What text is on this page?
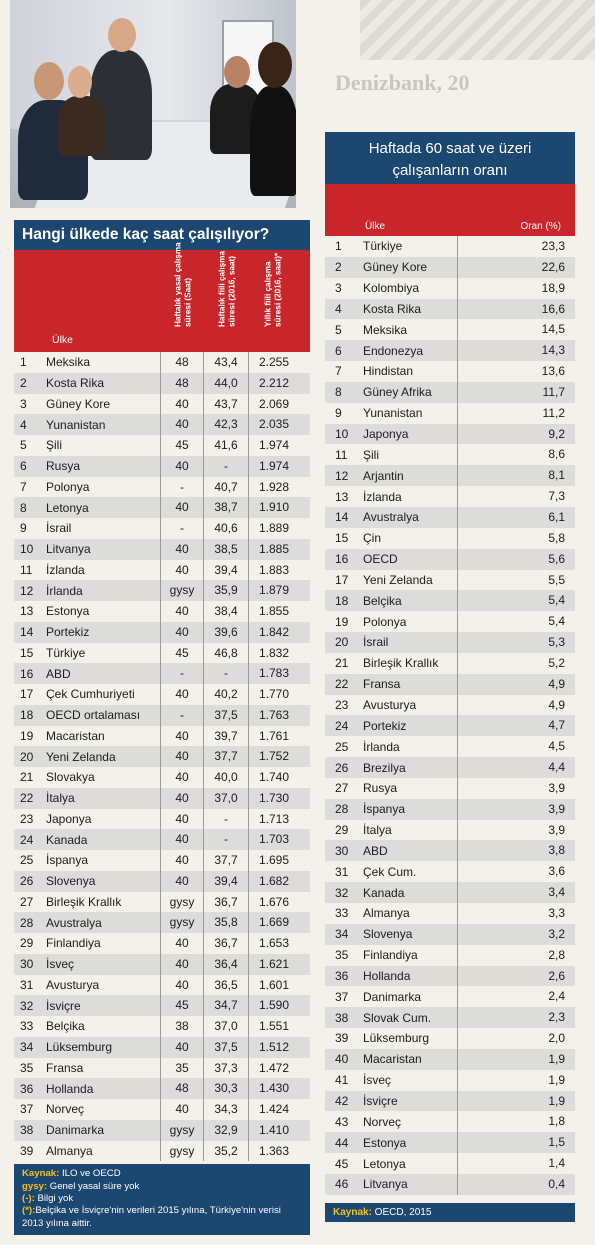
Denizbank, 20
Hangi ülkede kaç saat çalışılıyor?
Ülke
Haftalık yasal çalışma süresi (Saat)	Haftalık fiili çalışma süresi (2016, saat)	Yıllık fiili çalışma süresi (2016, saat)*
1	Meksika	48	43,4	2.255
2	Kosta Rika	48	44,0	2.212
3	Güney Kore	40	43,7	2.069
4	Yunanistan	40	42,3	2.035
5	Şili	45	41,6	1.974
6	Rusya	40	-	1.974
7	Polonya	-	40,7	1.928
8	Letonya	40	38,7	1.910
9	İsrail	-	40,6	1.889
10	Litvanya	40	38,5	1.885
11	İzlanda	40	39,4	1.883
12	İrlanda	gysy	35,9	1.879
13	Estonya	40	38,4	1.855
14	Portekiz	40	39,6	1.842
15	Türkiye	45	46,8	1.832
16	ABD	-	-	1.783
17	Çek Cumhuriyeti	40	40,2	1.770
18	OECD ortalaması	-	37,5	1.763
19	Macaristan	40	39,7	1.761
20	Yeni Zelanda	40	37,7	1.752
21	Slovakya	40	40,0	1.740
22	İtalya	40	37,0	1.730
23	Japonya	40	-	1.713
24	Kanada	40	-	1.703
25	İspanya	40	37,7	1.695
26	Slovenya	40	39,4	1.682
27	Birleşik Krallık	gysy	36,7	1.676
28	Avustralya	gysy	35,8	1.669
29	Finlandiya	40	36,7	1.653
30	İsveç	40	36,4	1.621
31	Avusturya	40	36,5	1.601
32	İsviçre	45	34,7	1.590
33	Belçika	38	37,0	1.551
34	Lüksemburg	40	37,5	1.512
35	Fransa	35	37,3	1.472
36	Hollanda	48	30,3	1.430
37	Norveç	40	34,3	1.424
38	Danimarka	gysy	32,9	1.410
39	Almanya	gysy	35,2	1.363
Kaynak: ILO ve OECD
gysy: Genel yasal süre yok
(-): Bilgi yok
(*):Belçika ve İsviçre'nin verileri 2015 yılına, Türkiye'nin verisi 2013 yılına aittir.
Haftada 60 saat ve üzeri
çalışanların oranı
Ülke	Oran (%)
1	Türkiye	23,3
2	Güney Kore	22,6
3	Kolombiya	18,9
4	Kosta Rika	16,6
5	Meksika	14,5
6	Endonezya	14,3
7	Hindistan	13,6
8	Güney Afrika	11,7
9	Yunanistan	11,2
10	Japonya	9,2
11	Şili	8,6
12	Arjantin	8,1
13	İzlanda	7,3
14	Avustralya	6,1
15	Çin	5,8
16	OECD	5,6
17	Yeni Zelanda	5,5
18	Belçika	5,4
19	Polonya	5,4
20	İsrail	5,3
21	Birleşik Krallık	5,2
22	Fransa	4,9
23	Avusturya	4,9
24	Portekiz	4,7
25	İrlanda	4,5
26	Brezilya	4,4
27	Rusya	3,9
28	İspanya	3,9
29	İtalya	3,9
30	ABD	3,8
31	Çek Cum.	3,6
32	Kanada	3,4
33	Almanya	3,3
34	Slovenya	3,2
35	Finlandiya	2,8
36	Hollanda	2,6
37	Danimarka	2,4
38	Slovak Cum.	2,3
39	Lüksemburg	2,0
40	Macaristan	1,9
41	İsveç	1,9
42	İsviçre	1,9
43	Norveç	1,8
44	Estonya	1,5
45	Letonya	1,4
46	Litvanya	0,4
Kaynak: OECD, 2015
